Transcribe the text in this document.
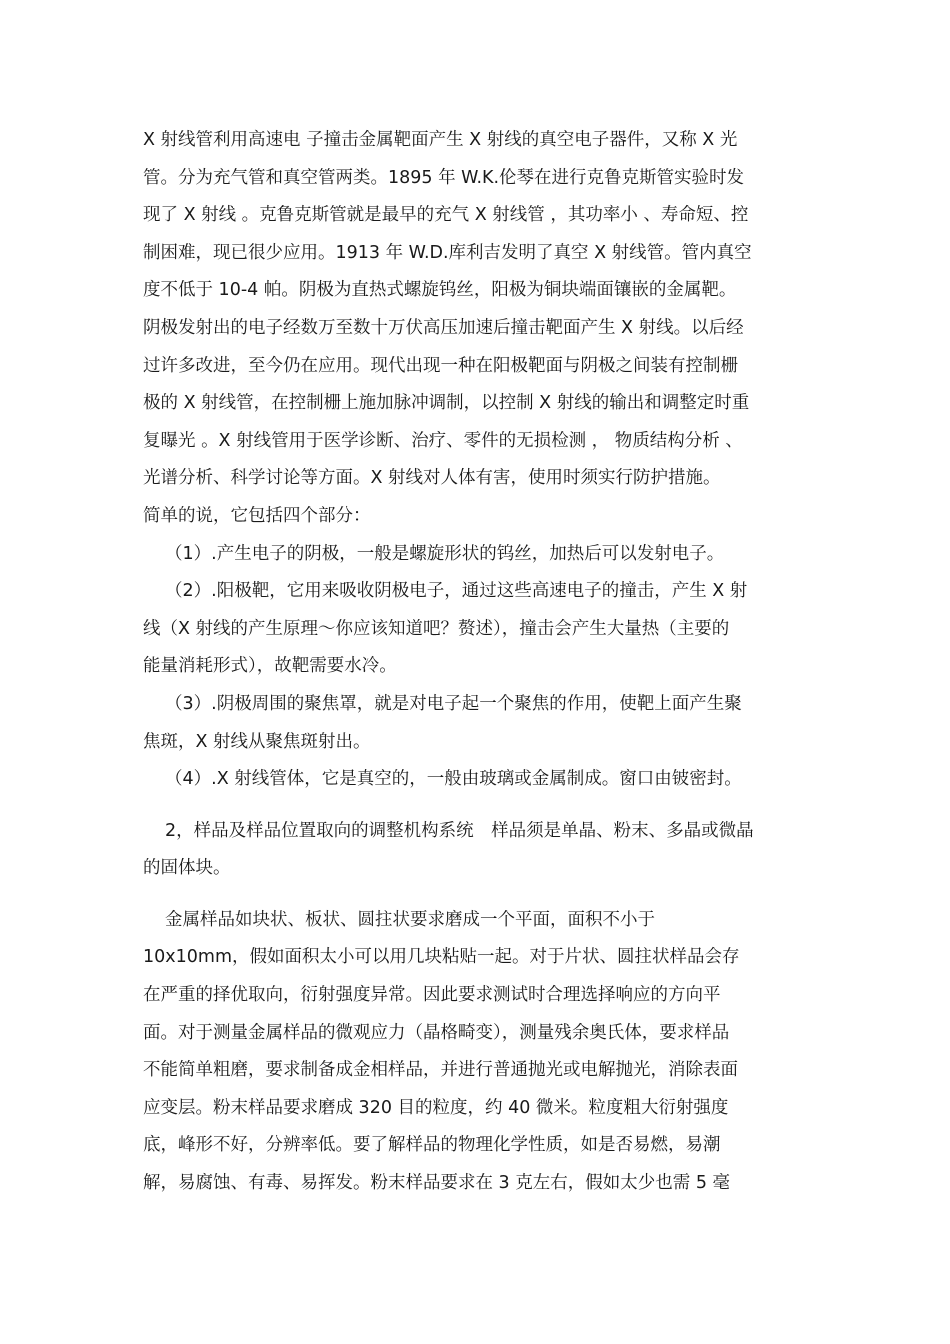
X 射线管利用高速电 子撞击金属靶面产生 X 射线的真空电子器件，又称 X 光
管。分为充气管和真空管两类。1895 年 W.K.伦琴在进行克鲁克斯管实验时发
现了 X 射线 。克鲁克斯管就是最早的充气 X 射线管 ，其功率小 、寿命短、控
制困难，现已很少应用。1913 年 W.D.库利吉发明了真空 X 射线管。管内真空
度不低于 10-4 帕。阴极为直热式螺旋钨丝，阳极为铜块端面镶嵌的金属靶。
阴极发射出的电子经数万至数十万伏高压加速后撞击靶面产生 X 射线。以后经
过许多改进，至今仍在应用。现代出现一种在阳极靶面与阴极之间装有控制栅
极的 X 射线管，在控制栅上施加脉冲调制，以控制 X 射线的输出和调整定时重
复曝光 。X 射线管用于医学诊断、治疗、零件的无损检测 ， 物质结构分析 、
光谱分析、科学讨论等方面。X 射线对人体有害，使用时须实行防护措施。
简单的说，它包括四个部分：
（1）.产生电子的阴极，一般是螺旋形状的钨丝，加热后可以发射电子。
（2）.阳极靶，它用来吸收阴极电子，通过这些高速电子的撞击，产生 X 射
线（X 射线的产生原理～你应该知道吧？赘述），撞击会产生大量热（主要的
能量消耗形式），故靶需要水冷。
（3）.阴极周围的聚焦罩，就是对电子起一个聚焦的作用，使靶上面产生聚
焦斑，X 射线从聚焦斑射出。
（4）.X 射线管体，它是真空的，一般由玻璃或金属制成。窗口由铍密封。
2，样品及样品位置取向的调整机构系统　样品须是单晶、粉末、多晶或微晶
的固体块。
金属样品如块状、板状、圆拄状要求磨成一个平面，面积不小于
10x10mm，假如面积太小可以用几块粘贴一起。对于片状、圆拄状样品会存
在严重的择优取向，衍射强度异常。因此要求测试时合理选择响应的方向平
面。对于测量金属样品的微观应力（晶格畸变），测量残余奥氏体，要求样品
不能简单粗磨，要求制备成金相样品，并进行普通抛光或电解抛光，消除表面
应变层。粉末样品要求磨成 320 目的粒度，约 40 微米。粒度粗大衍射强度
底，峰形不好，分辨率低。要了解样品的物理化学性质，如是否易燃，易潮
解，易腐蚀、有毒、易挥发。粉末样品要求在 3 克左右，假如太少也需 5 毫
